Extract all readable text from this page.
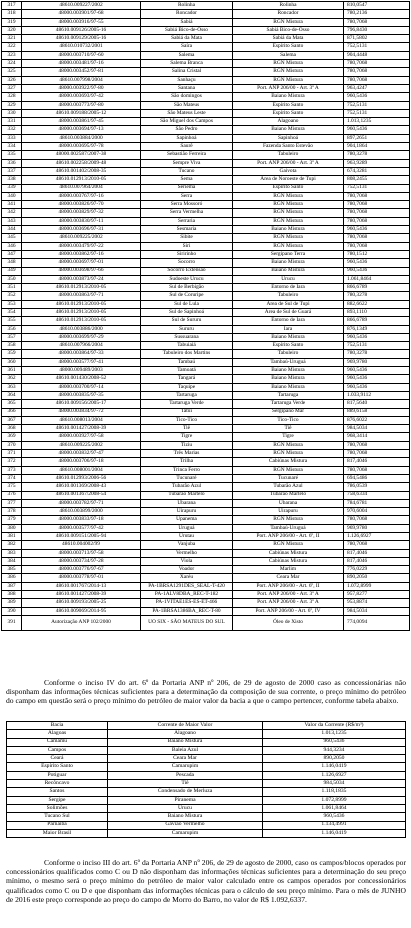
317	48610.009227/2002	Rolinha	Rolinha	810,0547
318	48000.003901/97-68	Roncador	Roncador	780,2136
319	48000.003916/97-55	Sabiá	RGN Mistura	780,7068
320	48610.009126/2005-16	Sabiá Bico-de-Osso	Sabiá Bico-de-Osso	796,8430
321	48610.009129/2005-16	Sabiá da Mata	Sabiá da Mata	871,5802
322	48610.010732/2001	Saíra	Espírito Santo	752,5131
323	48000.003710/97-60	Salema	Salema	904,4448
324	48000.003481/97-16	Salema Branca	RGN Mistura	780,7068
325	48000.003452/97-81	Salina Cristal	RGN Mistura	780,7068
326	48610.007998/2004	Sanhaçu	RGN Mistura	780,7068
327	48000.003922/97-80	Santana	Port. ANP 206/00 - Art. 3º A	963,4247
328	48000.003693/97-42	São domingos	Baiano Mistura	960,5436
329	48000.003773/97-80	São Mateus	Espírito Santo	752,5131
330	48610.009188/2005-12	São Mateus Leste	Espírito Santo	752,5131
331	48000.003861/97-45	São Miguel dos Campos	Alagoano	1.013,1235
332	48000.003694/97-13	São Pedro	Baiano Mistura	960,5436
333	48610.003884/2000	Sapinhoá	Sapinhoá	897,2651
334	48000.003695/97-78	Saurê	Fazenda Santo Estevão	904,1864
335	48000.002587/2007-38	Sebastião Ferreira	Tabuleiro	780,3278
336	48610.002258/2009-48	Sempre Viva	Port. ANP 206/00 - Art. 3º A	963,9289
337	48610.001402/2008-35	Tucano	Gaivota	674,3281
338	48610.012913/2010-05	Sema	Área de Noroeste de Tupi	808,2455
339	48610.007964/2004	Seriema	Espírito Santo	752,5131
340	48000.003767/97-16	Serra	RGN Mistura	780,7068
341	48000.003826/97-70	Serra Mossoró	RGN Mistura	780,7068
342	48000.003829/97-32	Serra Vermelha	RGN Mistura	780,7068
343	48000.003830/97-11	Serraria	RGN Mistura	780,7068
344	48000.003696/97-31	Sesmaria	Baiano Mistura	960,5436
345	48610.009225/2002	Sibite	RGN Mistura	780,7068
346	48000.003479/97-22	Siri	RGN Mistura	780,7068
347	48000.003862/97-16	Siririnho	Sergipano Terra	780,1512
348	48000.003697/97-01	Socorro	Baiano Mistura	960,5436
349	48000.003698/97-66	Socorro Extensão	Baiano Mistura	960,5436
350	48000.003873/97-24	Sudoeste Urucu	Urucu	1.061,8464
351	48610.012913/2010-05	Sul de Berbigão	Entorno de Iara	866,6789
352	48000.003863/97-71	Sul de Coruripe	Tabuleiro	780,3278
353	48610.012913/2010-05	Sul de Lula	Área de Sul de Tupi	882,6622
354	48610.012913/2010-05	Sul de Sapinhoá	Área de Sul de Guará	893,1110
355	48610.012913/2010-05	Sul de Sururu	Entorno de Iara	866,6789
356	48610.003886/2000	Sururu	Iara	876,1349
357	48000.003699/97-29	Sussuarana	Baiano Mistura	960,5436
358	48610.007966/2004	Tabuiaiá	Espírito Santo	752,5131
359	48000.003864/97-33	Tabuleiro dos Martins	Tabuleiro	780,3278
360	48000.003577/97-41	Tambaú	Tambaú-Uruguá	969,9780
361	48000.009489/2003	Tamoatá	Baiano Mistura	960,5436
362	48610.001430/2008-52	Tangará	Baiano Mistura	960,5436
363	48000.003700/97-14	Taquipe	Baiano Mistura	960,5436
364	48000.003835/97-35	Tartaruga	Tartaruga	1.033,9112
365	48610.009156/2005-17	Tartaruga Verde	Tartaruga Verde	817,5640
366	48000.003834/97-72	Tatuí	Sergipano Mar	889,6158
367	48610.008013/2004	Tico-Tico	Tico-Tico	876,6022
368	48610.001427/2008-39	Tiê	Tiê	984,5034
369	48000.003927/97-58	Tigre	Tigre	968,3414
370	48610.009225/2002	Tiziu	RGN Mistura	780,7068
371	48000.003832/97-47	Três Marias	RGN Mistura	780,7068
372	48000.003706/97-18	Trilha	Cabiúnas Mistura	817,4046
373	48610.008001/2004	Trinca Ferro	RGN Mistura	780,7068
374	48610.012993/2006-56	Tucunaré	Tucunaré	694,5486
375	48610.001369/2008-43	Tubarão Azul	Tubarão Azul	786,0539
376	48610.001367/2008-54	Tubarão Martelo	Tubarão Martelo	758,6334
377	48000.003782/97-71	Ubarana	Ubarana	784,6781
378	48610.003899/2000	Uirapuru	Uirapuru	970,6004
379	48000.003833/97-18	Upanema	RGN Mistura	780,7068
380	48000.003577/97-42	Uruguá	Tambaú-Uruguá	969,9780
381	48610.009151/2005-94	Urutau	Port. ANP 206/00 - Art. 6º, II	1.126,6927
382	48610.004002/99	Vanjuba	RGN Mistura	780,7068
383	48000.003713/97-58	Vermelho	Cabiúnas Mistura	817,4046
384	48000.003734/97-28	Viola	Cabiúnas Mistura	817,4046
385	48000.003776/97-67	Voador	Marlim	776,0229
386	48000.003778/97-01	Xaréu	Ceara Mar	890,2050
387	48610.001767/2014-13	PA-1BRSA1291DES_SEAL-T-420	Port. ANP 206/00 - Art. 6º, II	1.072,8999
388	48610.001427/2008-39	PA-1ALV8DBA_REC-T-182	Port. ANP 206/00 - Art. 3º A	957,8277
389	48610.009193/2005-25	PA-1VITAE1ES-ES-ET-466	Port. ANP 206/00 - Art. 3º A	953,8874
390	48610.009069/2014-95	PA-1BRSA1386BA_REC-T-80	Port. ANP 206/00 - Art. 6º, IV	984,5034
391	Autorização ANP 102/2000	UO SIX - SÃO MATEUS DO SUL	Óleo de Xisto	774,0094

Conforme o inciso IV do art. 6º da Portaria ANP nº 206, de 29 de agosto de 2000 caso as concessionárias não disponham das informações técnicas suficientes para a determinação da composição de sua corrente, o preço mínimo do petróleo do campo em questão será o preço mínimo do petróleo de maior valor da bacia a que o campo pertencer, conforme tabela abaixo.

Bacia	Corrente de Maior Valor	Valor da Corrente (R$/m³)
Alagoas	Alagoano	1.013,1235
Camamu	Baiano Mistura	960,5436
Campos	Baleia Azul	944,3234
Ceará	Ceara Mar	890,2050
Espírito Santo	Camarupim	1.146,0419
Potiguar	Pescada	1.126,6927
Recôncavo	Tiê	984,5034
Santos	Condensado de Merluza	1.118,1835
Sergipe	Piranema	1.072,8999
Solimões	Urucu	1.061,8464
Tucano Sul	Baiano Mistura	960,5436
Parnaíba	Gavião Vermelho	1.134,4991
Maior Brasil	Camarupim	1.146,0419

Conforme o inciso III do art. 6º da Portaria ANP nº 206, de 29 de agosto de 2000, caso os campos/blocos operados por concessionários qualificados como C ou D não disponham das informações técnicas suficientes para a determinação do seu preço mínimo, o mesmo será o preço mínimo do petróleo de maior valor calculado entre os campos operados por concessionários qualificados como C ou D e que disponham das informações técnicas para o cálculo de seu preço mínimo. Para o mês de JUNHO de 2016 este preço corresponde ao preço do campo de Morro do Barro, no valor de R$ 1.092,6337.
